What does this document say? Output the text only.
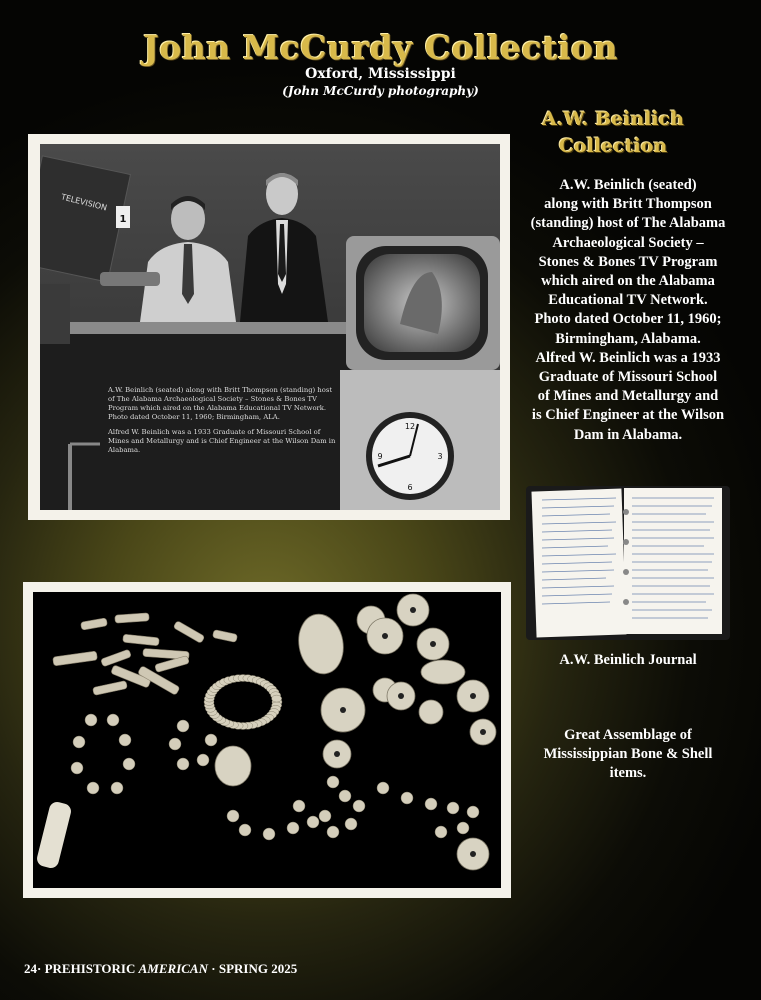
John McCurdy Collection
Oxford, Mississippi
(John McCurdy photography)
A.W. Beinlich
Collection
A.W. Beinlich (seated)
along with Britt Thompson
(standing) host of The Alabama
Archaeological Society –
Stones & Bones TV Program
which aired on the Alabama
Educational TV Network.
Photo dated October 11, 1960;
Birmingham, Alabama.
Alfred W. Beinlich was a 1933
Graduate of Missouri School
of Mines and Metallurgy and
is Chief Engineer at the Wilson
Dam in Alabama.
1
TELEVISION
12
3
6
9

A.W. Beinlich (seated) along with Britt Thompson (standing) host of The Alabama Archaeological Society – Stones & Bones TV Program which aired on the Alabama Educational TV Network. Photo dated October 11, 1960; Birmingham, ALA.

Alfred W. Beinlich was a 1933 Graduate of Missouri School of Mines and Metallurgy and is Chief Engineer at the Wilson Dam in Alabama.

A.W. Beinlich Journal
Great Assemblage of Mississippian Bone & Shell items.
24· PREHISTORIC AMERICAN · SPRING 2025
